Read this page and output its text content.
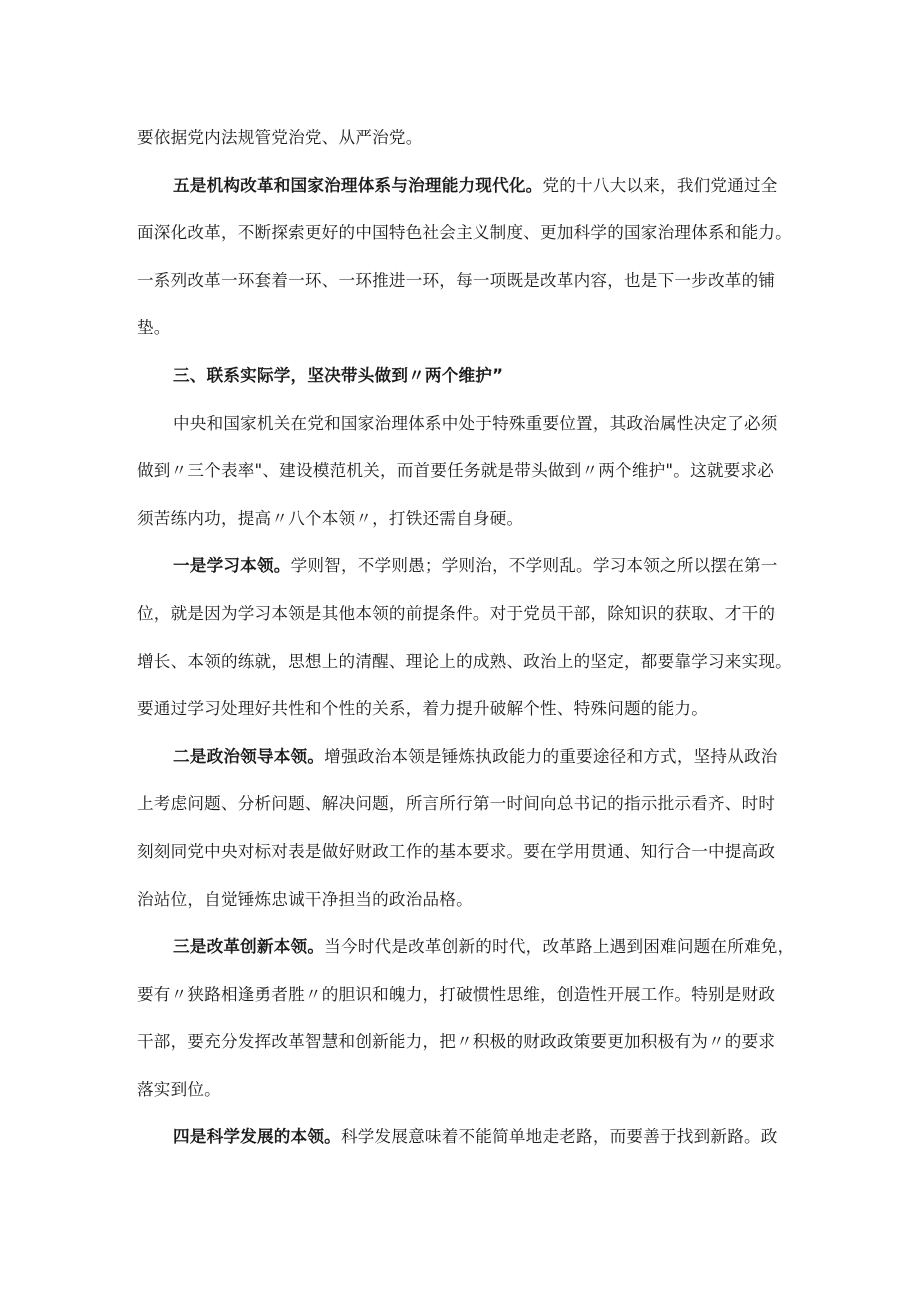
要依据党内法规管党治党、从严治党。
五是机构改革和国家治理体系与治理能力现代化。党的十八大以来，我们党通过全
面深化改革，不断探索更好的中国特色社会主义制度、更加科学的国家治理体系和能力。
一系列改革一环套着一环、一环推进一环，每一项既是改革内容，也是下一步改革的铺
垫。
三、联系实际学，坚决带头做到〃两个维护”
中央和国家机关在党和国家治理体系中处于特殊重要位置，其政治属性决定了必须
做到〃三个表率"、建设模范机关，而首要任务就是带头做到〃两个维护"。这就要求必
须苦练内功，提高〃八个本领〃，打铁还需自身硬。
一是学习本领。学则智，不学则愚；学则治，不学则乱。学习本领之所以摆在第一
位，就是因为学习本领是其他本领的前提条件。对于党员干部，除知识的获取、才干的
增长、本领的练就，思想上的清醒、理论上的成熟、政治上的坚定，都要靠学习来实现。
要通过学习处理好共性和个性的关系，着力提升破解个性、特殊问题的能力。
二是政治领导本领。增强政治本领是锤炼执政能力的重要途径和方式，坚持从政治
上考虑问题、分析问题、解决问题，所言所行第一时间向总书记的指示批示看齐、时时
刻刻同党中央对标对表是做好财政工作的基本要求。要在学用贯通、知行合一中提高政
治站位，自觉锤炼忠诚干净担当的政治品格。
三是改革创新本领。当今时代是改革创新的时代，改革路上遇到困难问题在所难免，
要有〃狭路相逢勇者胜〃的胆识和魄力，打破惯性思维，创造性开展工作。特别是财政
干部，要充分发挥改革智慧和创新能力，把〃积极的财政政策要更加积极有为〃的要求
落实到位。
四是科学发展的本领。科学发展意味着不能简单地走老路，而要善于找到新路。政
